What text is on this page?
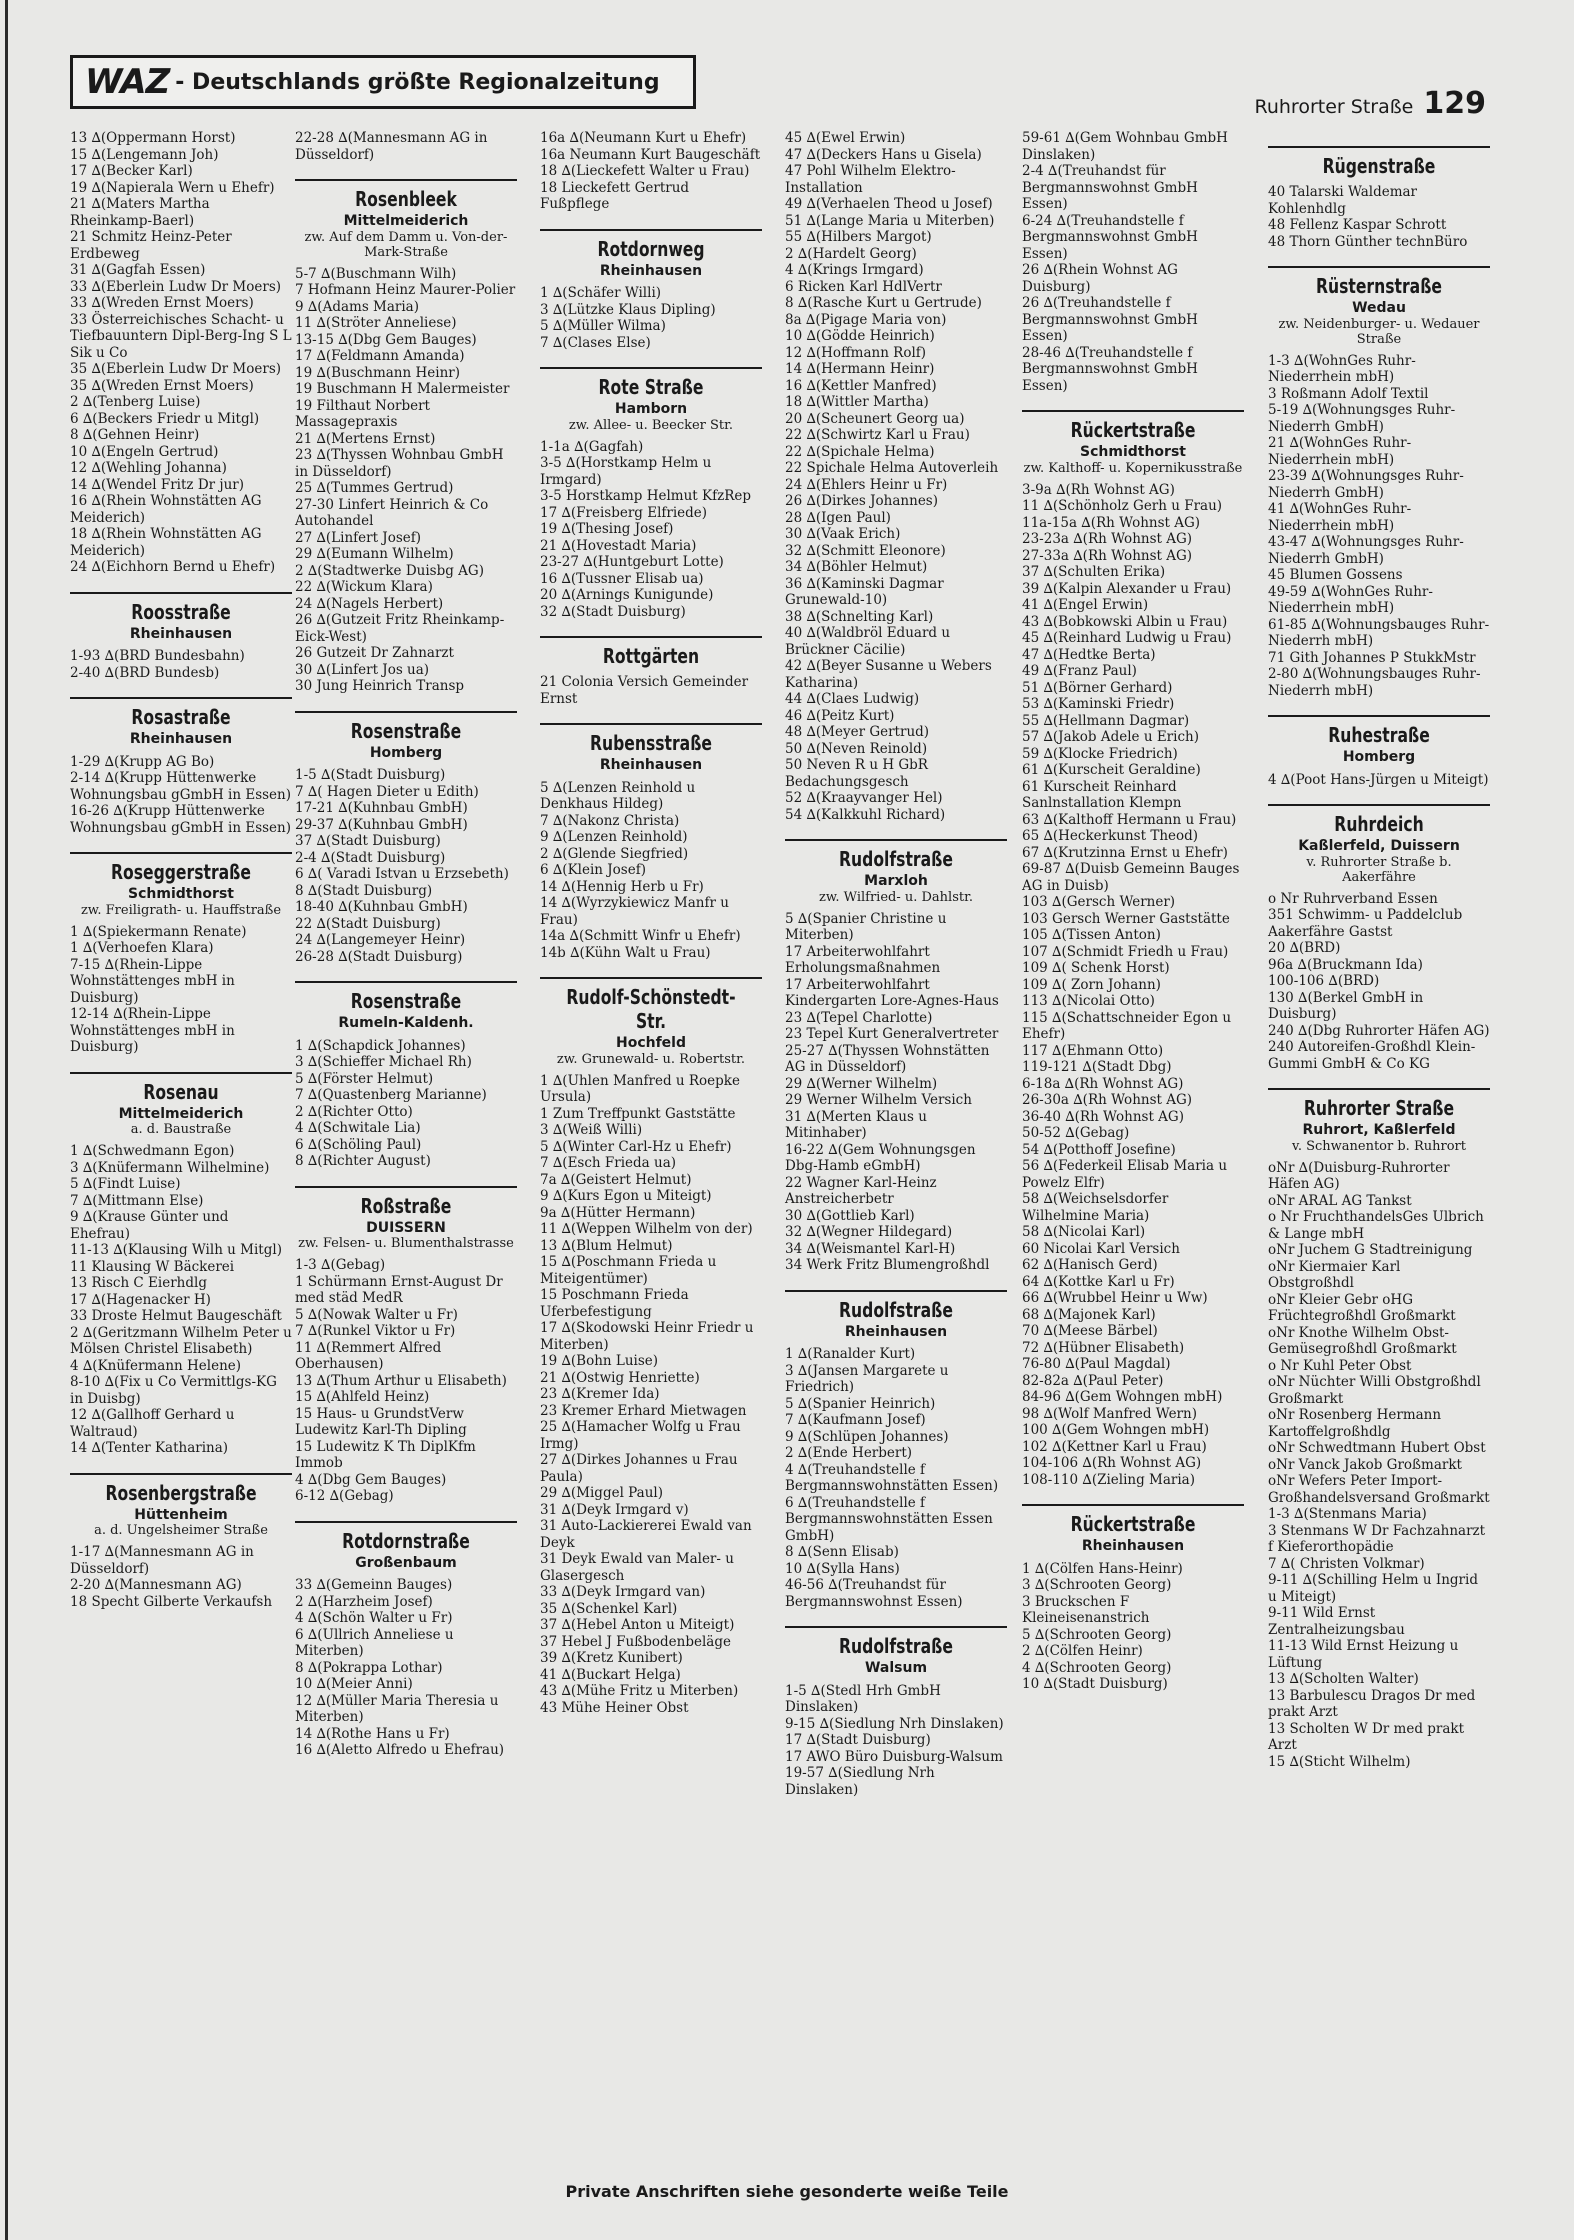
WAZ - Deutschlands größte Regionalzeitung
Ruhrorter Straße 129
13 ∆(Oppermann Horst)
15 ∆(Lengemann Joh)
17 ∆(Becker Karl)
19 ∆(Napierala Wern u Ehefr)
21 ∆(Maters Martha Rheinkamp-Baerl)
21 Schmitz Heinz-Peter Erdbeweg
31 ∆(Gagfah Essen)
33 ∆(Eberlein Ludw Dr Moers)
33 ∆(Wreden Ernst Moers)
33 Österreichisches Schacht- u Tiefbauuntern Dipl-Berg-Ing S L Sik u Co
35 ∆(Eberlein Ludw Dr Moers)
35 ∆(Wreden Ernst Moers)
2 ∆(Tenberg Luise)
6 ∆(Beckers Friedr u Mitgl)
8 ∆(Gehnen Heinr)
10 ∆(Engeln Gertrud)
12 ∆(Wehling Johanna)
14 ∆(Wendel Fritz Dr jur)
16 ∆(Rhein Wohnstätten AG Meiderich)
18 ∆(Rhein Wohnstätten AG Meiderich)
24 ∆(Eichhorn Bernd u Ehefr)
Roosstraße
Rheinhausen
1-93 ∆(BRD Bundesbahn)
2-40 ∆(BRD Bundesb)
Rosastraße
Rheinhausen
1-29 ∆(Krupp AG Bo)
2-14 ∆(Krupp Hüttenwerke Wohnungsbau gGmbH in Essen)
16-26 ∆(Krupp Hüttenwerke Wohnungsbau gGmbH in Essen)
Roseggerstraße
Schmidthorst
zw. Freiligrath- u. Hauffstraße
1 ∆(Spiekermann Renate)
1 ∆(Verhoefen Klara)
7-15 ∆(Rhein-Lippe Wohnstättenges mbH in Duisburg)
12-14 ∆(Rhein-Lippe Wohnstättenges mbH in Duisburg)
Rosenau
Mittelmeiderich
a. d. Baustraße
1 ∆(Schwedmann Egon)
3 ∆(Knüfermann Wilhelmine)
5 ∆(Findt Luise)
7 ∆(Mittmann Else)
9 ∆(Krause Günter und Ehefrau)
11-13 ∆(Klausing Wilh u Mitgl)
11 Klausing W Bäckerei
13 Risch C Eierhdlg
17 ∆(Hagenacker H)
33 Droste Helmut Baugeschäft
2 ∆(Geritzmann Wilhelm Peter u Mölsen Christel Elisabeth)
4 ∆(Knüfermann Helene)
8-10 ∆(Fix u Co Vermittlgs-KG in Duisbg)
12 ∆(Gallhoff Gerhard u Waltraud)
14 ∆(Tenter Katharina)
Rosenbergstraße
Hüttenheim
a. d. Ungelsheimer Straße
1-17 ∆(Mannesmann AG in Düsseldorf)
2-20 ∆(Mannesmann AG)
18 Specht Gilberte Verkaufsh
22-28 ∆(Mannesmann AG in Düsseldorf)
Rosenbleek
Mittelmeiderich
zw. Auf dem Damm u. Von-der-Mark-Straße
5-7 ∆(Buschmann Wilh)
7 Hofmann Heinz Maurer-Polier
9 ∆(Adams Maria)
11 ∆(Ströter Anneliese)
13-15 ∆(Dbg Gem Bauges)
17 ∆(Feldmann Amanda)
19 ∆(Buschmann Heinr)
19 Buschmann H Malermeister
19 Filthaut Norbert Massagepraxis
21 ∆(Mertens Ernst)
23 ∆(Thyssen Wohnbau GmbH in Düsseldorf)
25 ∆(Tummes Gertrud)
27-30 Linfert Heinrich & Co Autohandel
27 ∆(Linfert Josef)
29 ∆(Eumann Wilhelm)
2 ∆(Stadtwerke Duisbg AG)
22 ∆(Wickum Klara)
24 ∆(Nagels Herbert)
26 ∆(Gutzeit Fritz Rheinkamp-Eick-West)
26 Gutzeit Dr Zahnarzt
30 ∆(Linfert Jos ua)
30 Jung Heinrich Transp
Rosenstraße
Homberg
1-5 ∆(Stadt Duisburg)
7 ∆( Hagen Dieter u Edith)
17-21 ∆(Kuhnbau GmbH)
29-37 ∆(Kuhnbau GmbH)
37 ∆(Stadt Duisburg)
2-4 ∆(Stadt Duisburg)
6 ∆( Varadi Istvan u Erzsebeth)
8 ∆(Stadt Duisburg)
18-40 ∆(Kuhnbau GmbH)
22 ∆(Stadt Duisburg)
24 ∆(Langemeyer Heinr)
26-28 ∆(Stadt Duisburg)
Rosenstraße
Rumeln-Kaldenh.
1 ∆(Schapdick Johannes)
3 ∆(Schieffer Michael Rh)
5 ∆(Förster Helmut)
7 ∆(Quastenberg Marianne)
2 ∆(Richter Otto)
4 ∆(Schwitale Lia)
6 ∆(Schöling Paul)
8 ∆(Richter August)
Roßstraße
DUISSERN
zw. Felsen- u. Blumenthalstrasse
1-3 ∆(Gebag)
1 Schürmann Ernst-August Dr med städ MedR
5 ∆(Nowak Walter u Fr)
7 ∆(Runkel Viktor u Fr)
11 ∆(Remmert Alfred Oberhausen)
13 ∆(Thum Arthur u Elisabeth)
15 ∆(Ahlfeld Heinz)
15 Haus- u GrundstVerw Ludewitz Karl-Th Dipling
15 Ludewitz K Th DiplKfm Immob
4 ∆(Dbg Gem Bauges)
6-12 ∆(Gebag)
Rotdornstraße
Großenbaum
33 ∆(Gemeinn Bauges)
2 ∆(Harzheim Josef)
4 ∆(Schön Walter u Fr)
6 ∆(Ullrich Anneliese u Miterben)
8 ∆(Pokrappa Lothar)
10 ∆(Meier Anni)
12 ∆(Müller Maria Theresia u Miterben)
14 ∆(Rothe Hans u Fr)
16 ∆(Aletto Alfredo u Ehefrau)
16a ∆(Neumann Kurt u Ehefr)
16a Neumann Kurt Baugeschäft
18 ∆(Lieckefett Walter u Frau)
18 Lieckefett Gertrud Fußpflege
Rotdornweg
Rheinhausen
1 ∆(Schäfer Willi)
3 ∆(Lützke Klaus Dipling)
5 ∆(Müller Wilma)
7 ∆(Clases Else)
Rote Straße
Hamborn
zw. Allee- u. Beecker Str.
1-1a ∆(Gagfah)
3-5 ∆(Horstkamp Helm u Irmgard)
3-5 Horstkamp Helmut KfzRep
17 ∆(Freisberg Elfriede)
19 ∆(Thesing Josef)
21 ∆(Hovestadt Maria)
23-27 ∆(Huntgeburt Lotte)
16 ∆(Tussner Elisab ua)
20 ∆(Arnings Kunigunde)
32 ∆(Stadt Duisburg)
Rottgärten
21 Colonia Versich Gemeinder Ernst
Rubensstraße
Rheinhausen
5 ∆(Lenzen Reinhold u Denkhaus Hildeg)
7 ∆(Nakonz Christa)
9 ∆(Lenzen Reinhold)
2 ∆(Glende Siegfried)
6 ∆(Klein Josef)
14 ∆(Hennig Herb u Fr)
14 ∆(Wyrzykiewicz Manfr u Frau)
14a ∆(Schmitt Winfr u Ehefr)
14b ∆(Kühn Walt u Frau)
Rudolf-Schönstedt-Str.
Hochfeld
zw. Grunewald- u. Robertstr.
1 ∆(Uhlen Manfred u Roepke Ursula)
1 Zum Treffpunkt Gaststätte
3 ∆(Weiß Willi)
5 ∆(Winter Carl-Hz u Ehefr)
7 ∆(Esch Frieda ua)
7a ∆(Geistert Helmut)
9 ∆(Kurs Egon u Miteigt)
9a ∆(Hütter Hermann)
11 ∆(Weppen Wilhelm von der)
13 ∆(Blum Helmut)
15 ∆(Poschmann Frieda u Miteigentümer)
15 Poschmann Frieda Uferbefestigung
17 ∆(Skodowski Heinr Friedr u Miterben)
19 ∆(Bohn Luise)
21 ∆(Ostwig Henriette)
23 ∆(Kremer Ida)
23 Kremer Erhard Mietwagen
25 ∆(Hamacher Wolfg u Frau Irmg)
27 ∆(Dirkes Johannes u Frau Paula)
29 ∆(Miggel Paul)
31 ∆(Deyk Irmgard v)
31 Auto-Lackiererei Ewald van Deyk
31 Deyk Ewald van Maler- u Glasergesch
33 ∆(Deyk Irmgard van)
35 ∆(Schenkel Karl)
37 ∆(Hebel Anton u Miteigt)
37 Hebel J Fußbodenbeläge
39 ∆(Kretz Kunibert)
41 ∆(Buckart Helga)
43 ∆(Mühe Fritz u Miterben)
43 Mühe Heiner Obst
45 ∆(Ewel Erwin)
47 ∆(Deckers Hans u Gisela)
47 Pohl Wilhelm Elektro-Installation
49 ∆(Verhaelen Theod u Josef)
51 ∆(Lange Maria u Miterben)
55 ∆(Hilbers Margot)
2 ∆(Hardelt Georg)
4 ∆(Krings Irmgard)
6 Ricken Karl HdlVertr
8 ∆(Rasche Kurt u Gertrude)
8a ∆(Pigage Maria von)
10 ∆(Gödde Heinrich)
12 ∆(Hoffmann Rolf)
14 ∆(Hermann Heinr)
16 ∆(Kettler Manfred)
18 ∆(Wittler Martha)
20 ∆(Scheunert Georg ua)
22 ∆(Schwirtz Karl u Frau)
22 ∆(Spichale Helma)
22 Spichale Helma Autoverleih
24 ∆(Ehlers Heinr u Fr)
26 ∆(Dirkes Johannes)
28 ∆(Igen Paul)
30 ∆(Vaak Erich)
32 ∆(Schmitt Eleonore)
34 ∆(Böhler Helmut)
36 ∆(Kaminski Dagmar Grunewald-10)
38 ∆(Schnelting Karl)
40 ∆(Waldbröl Eduard u Brückner Cäcilie)
42 ∆(Beyer Susanne u Webers Katharina)
44 ∆(Claes Ludwig)
46 ∆(Peitz Kurt)
48 ∆(Meyer Gertrud)
50 ∆(Neven Reinold)
50 Neven R u H GbR Bedachungsgesch
52 ∆(Kraayvanger Hel)
54 ∆(Kalkkuhl Richard)
Rudolfstraße
Marxloh
zw. Wilfried- u. Dahlstr.
5 ∆(Spanier Christine u Miterben)
17 Arbeiterwohlfahrt Erholungsmaßnahmen
17 Arbeiterwohlfahrt Kindergarten Lore-Agnes-Haus
23 ∆(Tepel Charlotte)
23 Tepel Kurt Generalvertreter
25-27 ∆(Thyssen Wohnstätten AG in Düsseldorf)
29 ∆(Werner Wilhelm)
29 Werner Wilhelm Versich
31 ∆(Merten Klaus u Mitinhaber)
16-22 ∆(Gem Wohnungsgen Dbg-Hamb eGmbH)
22 Wagner Karl-Heinz Anstreicherbetr
30 ∆(Gottlieb Karl)
32 ∆(Wegner Hildegard)
34 ∆(Weismantel Karl-H)
34 Werk Fritz Blumengroßhdl
Rudolfstraße
Rheinhausen
1 ∆(Ranalder Kurt)
3 ∆(Jansen Margarete u Friedrich)
5 ∆(Spanier Heinrich)
7 ∆(Kaufmann Josef)
9 ∆(Schlüpen Johannes)
2 ∆(Ende Herbert)
4 ∆(Treuhandstelle f Bergmannswohnstätten Essen)
6 ∆(Treuhandstelle f Bergmannswohnstätten Essen GmbH)
8 ∆(Senn Elisab)
10 ∆(Sylla Hans)
46-56 ∆(Treuhandst für Bergmannswohnst Essen)
Rudolfstraße
Walsum
1-5 ∆(Stedl Hrh GmbH Dinslaken)
9-15 ∆(Siedlung Nrh Dinslaken)
17 ∆(Stadt Duisburg)
17 AWO Büro Duisburg-Walsum
19-57 ∆(Siedlung Nrh Dinslaken)
59-61 ∆(Gem Wohnbau GmbH Dinslaken)
2-4 ∆(Treuhandst für Bergmannswohnst GmbH Essen)
6-24 ∆(Treuhandstelle f Bergmannswohnst GmbH Essen)
26 ∆(Rhein Wohnst AG Duisburg)
26 ∆(Treuhandstelle f Bergmannswohnst GmbH Essen)
28-46 ∆(Treuhandstelle f Bergmannswohnst GmbH Essen)
Rückertstraße
Schmidthorst
zw. Kalthoff- u. Kopernikusstraße
3-9a ∆(Rh Wohnst AG)
11 ∆(Schönholz Gerh u Frau)
11a-15a ∆(Rh Wohnst AG)
23-23a ∆(Rh Wohnst AG)
27-33a ∆(Rh Wohnst AG)
37 ∆(Schulten Erika)
39 ∆(Kalpin Alexander u Frau)
41 ∆(Engel Erwin)
43 ∆(Bobkowski Albin u Frau)
45 ∆(Reinhard Ludwig u Frau)
47 ∆(Hedtke Berta)
49 ∆(Franz Paul)
51 ∆(Börner Gerhard)
53 ∆(Kaminski Friedr)
55 ∆(Hellmann Dagmar)
57 ∆(Jakob Adele u Erich)
59 ∆(Klocke Friedrich)
61 ∆(Kurscheit Geraldine)
61 Kurscheit Reinhard Sanlnstallation Klempn
63 ∆(Kalthoff Hermann u Frau)
65 ∆(Heckerkunst Theod)
67 ∆(Krutzinna Ernst u Ehefr)
69-87 ∆(Duisb Gemeinn Bauges AG in Duisb)
103 ∆(Gersch Werner)
103 Gersch Werner Gaststätte
105 ∆(Tissen Anton)
107 ∆(Schmidt Friedh u Frau)
109 ∆( Schenk Horst)
109 ∆( Zorn Johann)
113 ∆(Nicolai Otto)
115 ∆(Schattschneider Egon u Ehefr)
117 ∆(Ehmann Otto)
119-121 ∆(Stadt Dbg)
6-18a ∆(Rh Wohnst AG)
26-30a ∆(Rh Wohnst AG)
36-40 ∆(Rh Wohnst AG)
50-52 ∆(Gebag)
54 ∆(Potthoff Josefine)
56 ∆(Federkeil Elisab Maria u Powelz Elfr)
58 ∆(Weichselsdorfer Wilhelmine Maria)
58 ∆(Nicolai Karl)
60 Nicolai Karl Versich
62 ∆(Hanisch Gerd)
64 ∆(Kottke Karl u Fr)
66 ∆(Wrubbel Heinr u Ww)
68 ∆(Majonek Karl)
70 ∆(Meese Bärbel)
72 ∆(Hübner Elisabeth)
76-80 ∆(Paul Magdal)
82-82a ∆(Paul Peter)
84-96 ∆(Gem Wohngen mbH)
98 ∆(Wolf Manfred Wern)
100 ∆(Gem Wohngen mbH)
102 ∆(Kettner Karl u Frau)
104-106 ∆(Rh Wohnst AG)
108-110 ∆(Zieling Maria)
Rückertstraße
Rheinhausen
1 ∆(Cölfen Hans-Heinr)
3 ∆(Schrooten Georg)
3 Bruckschen F Kleineisenanstrich
5 ∆(Schrooten Georg)
2 ∆(Cölfen Heinr)
4 ∆(Schrooten Georg)
10 ∆(Stadt Duisburg)
Rügenstraße
40 Talarski Waldemar Kohlenhdlg
48 Fellenz Kaspar Schrott
48 Thorn Günther technBüro
Rüsternstraße
Wedau
zw. Neidenburger- u. Wedauer Straße
1-3 ∆(WohnGes Ruhr-Niederrhein mbH)
3 Roßmann Adolf Textil
5-19 ∆(Wohnungsges Ruhr-Niederrh GmbH)
21 ∆(WohnGes Ruhr-Niederrhein mbH)
23-39 ∆(Wohnungsges Ruhr-Niederrh GmbH)
41 ∆(WohnGes Ruhr-Niederrhein mbH)
43-47 ∆(Wohnungsges Ruhr-Niederrh GmbH)
45 Blumen Gossens
49-59 ∆(WohnGes Ruhr-Niederrhein mbH)
61-85 ∆(Wohnungsbauges Ruhr-Niederrh mbH)
71 Gith Johannes P StukkMstr
2-80 ∆(Wohnungsbauges Ruhr-Niederrh mbH)
Ruhestraße
Homberg
4 ∆(Poot Hans-Jürgen u Miteigt)
Ruhrdeich
Kaßlerfeld, Duissern
v. Ruhrorter Straße b. Aakerfähre
o Nr Ruhrverband Essen
351 Schwimm- u Paddelclub Aakerfähre Gastst
20 ∆(BRD)
96a ∆(Bruckmann Ida)
100-106 ∆(BRD)
130 ∆(Berkel GmbH in Duisburg)
240 ∆(Dbg Ruhrorter Häfen AG)
240 Autoreifen-Großhdl Klein-Gummi GmbH & Co KG
Ruhrorter Straße
Ruhrort, Kaßlerfeld
v. Schwanentor b. Ruhrort
oNr ∆(Duisburg-Ruhrorter Häfen AG)
oNr ARAL AG Tankst
o Nr FruchthandelsGes Ulbrich & Lange mbH
oNr Juchem G Stadtreinigung
oNr Kiermaier Karl Obstgroßhdl
oNr Kleier Gebr oHG Früchtegroßhdl Großmarkt
oNr Knothe Wilhelm Obst-Gemüsegroßhdl Großmarkt
o Nr Kuhl Peter Obst
oNr Nüchter Willi Obstgroßhdl Großmarkt
oNr Rosenberg Hermann Kartoffelgroßhdlg
oNr Schwedtmann Hubert Obst
oNr Vanck Jakob Großmarkt
oNr Wefers Peter Import-Großhandelsversand Großmarkt
1-3 ∆(Stenmans Maria)
3 Stenmans W Dr Fachzahnarzt f Kieferorthopädie
7 ∆( Christen Volkmar)
9-11 ∆(Schilling Helm u Ingrid u Miteigt)
9-11 Wild Ernst Zentralheizungsbau
11-13 Wild Ernst Heizung u Lüftung
13 ∆(Scholten Walter)
13 Barbulescu Dragos Dr med prakt Arzt
13 Scholten W Dr med prakt Arzt
15 ∆(Sticht Wilhelm)
Private Anschriften siehe gesonderte weiße Teile
